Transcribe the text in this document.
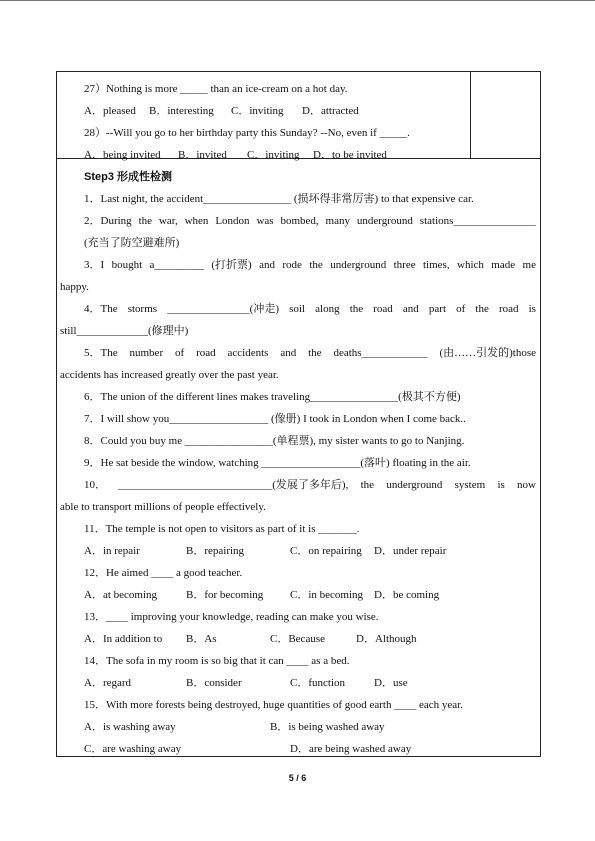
27）Nothing is more _____ than an ice-cream on a hot day.
A．pleased B．interesting C．inviting D．attracted
28）--Will you go to her birthday party this Sunday? --No, even if _____.
A．being invited B．invited C．inviting D．to be invited
Step3 形成性检测
1．Last night, the accident________________ (损坏得非常厉害) to that expensive car.
2．During the war, when London was bombed, many underground stations_______________
(充当了防空避难所)
3．I bought a_________ (打折票) and rode the underground three times, which made me
happy.
4．The storms _______________(冲走) soil along the road and part of the road is
still_____________(修理中)
5．The number of road accidents and the deaths____________ (由……引发的)those
accidents has increased greatly over the past year.
6．The union of the different lines makes traveling________________(极其不方便)
7．I will show you__________________ (像册) I took in London when I come back..
8．Could you buy me ________________(单程票), my sister wants to go to Nanjing.
9．He sat beside the window, watching __________________(落叶) floating in the air.
10． ____________________________(发展了多年后), the underground system is now
able to transport millions of people effectively.
11．The temple is not open to visitors as part of it is _______.
A．in repair	B．repairing	C．on repairing D．under repair
12．He aimed ____ a good teacher.
A．at becoming	B．for becoming C．in becoming D．be coming
13．____ improving your knowledge, reading can make you wise.
A．In addition to B．As	C．Because	D．Although
14．The sofa in my room is so big that it can ____ as a bed.
A．regard	B．consider	C．function	D．use
15．With more forests being destroyed, huge quantities of good earth ____ each year.
A．is washing away	B．is being washed away
C．are washing away	D．are being washed away
5 / 6
